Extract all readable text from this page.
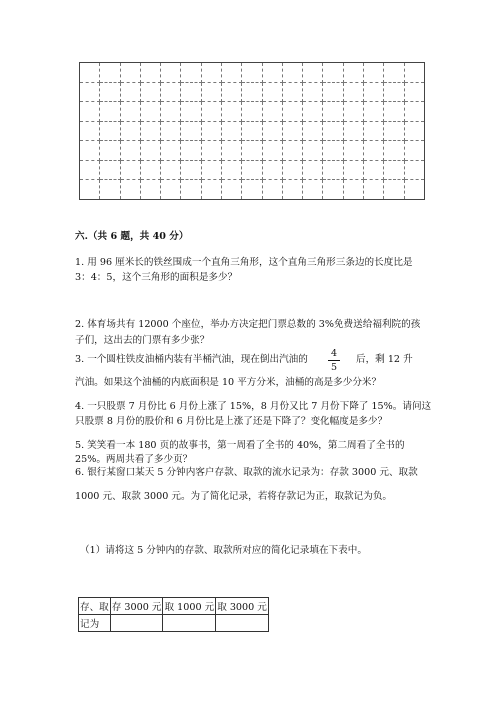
六.（共 6 题，共 40 分）
1. 用 96 厘米长的铁丝围成一个直角三角形，这个直角三角形三条边的长度比是
3：4：5，这个三角形的面积是多少？
2. 体育场共有 12000 个座位，举办方决定把门票总数的 3%免费送给福利院的孩
子们，这出去的门票有多少张？
3. 一个圆柱铁皮油桶内装有半桶汽油，现在倒出汽油的
4
5
后，剩 12 升
汽油。如果这个油桶的内底面积是 10 平方分米，油桶的高是多少分米？
4. 一只股票 7 月份比 6 月份上涨了 15%，8 月份又比 7 月份下降了 15%。请问这
只股票 8 月份的股价和 6 月份比是上涨了还是下降了？变化幅度是多少？
5. 笑笑看一本 180 页的故事书，第一周看了全书的 40%，第二周看了全书的
25%。两周共看了多少页？
6. 银行某窗口某天 5 分钟内客户存款、取款的流水记录为：存款 3000 元、取款
1000 元、取款 3000 元。为了简化记录，若将存款记为正，取款记为负。
（1）请将这 5 分钟内的存款、取款所对应的简化记录填在下表中。
存、取	存 3000 元	取 1000 元	取 3000 元
记为			
